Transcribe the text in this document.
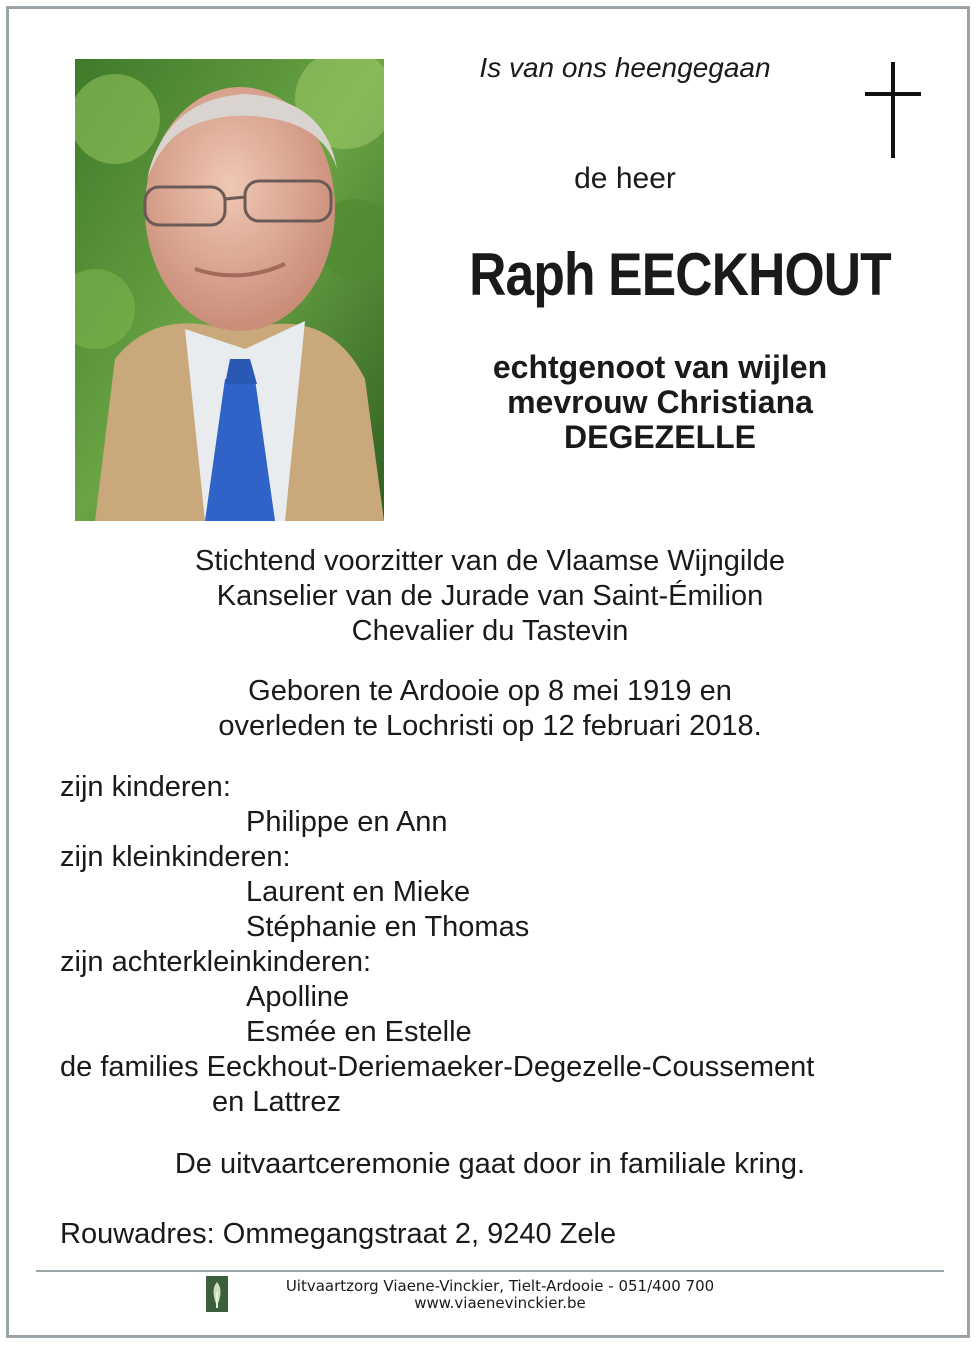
Is van ons heengegaan
de heer
Raph EECKHOUT
echtgenoot van wijlen
mevrouw Christiana
DEGEZELLE
Stichtend voorzitter van de Vlaamse Wijngilde
Kanselier van de Jurade van Saint-Émilion
Chevalier du Tastevin
Geboren te Ardooie op 8 mei 1919 en
overleden te Lochristi op 12 februari 2018.
zijn kinderen:
Philippe en Ann
zijn kleinkinderen:
Laurent en Mieke
Stéphanie en Thomas
zijn achterkleinkinderen:
Apolline
Esmée en Estelle
de families Eeckhout-Deriemaeker-Degezelle-Coussement
en Lattrez
De uitvaartceremonie gaat door in familiale kring.
Rouwadres: Ommegangstraat 2, 9240 Zele
Uitvaartzorg Viaene-Vinckier, Tielt-Ardooie - 051/400 700
www.viaenevinckier.be
